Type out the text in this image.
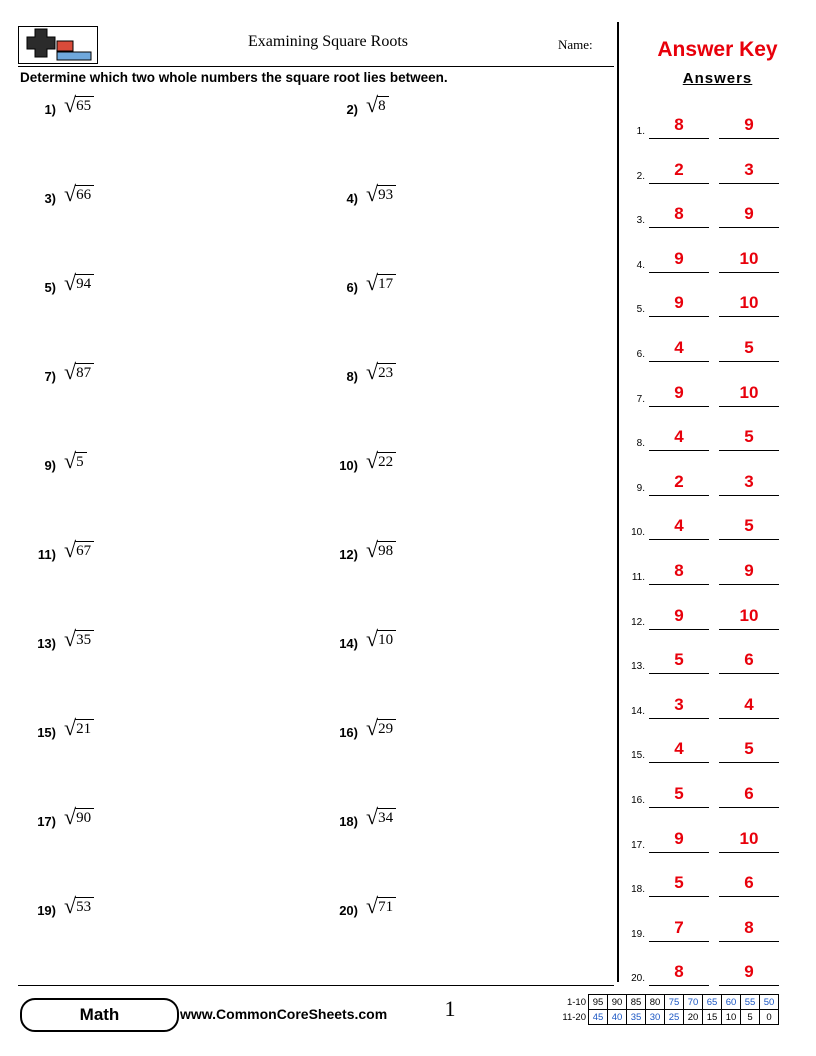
Examining Square Roots	Name:
Determine which two whole numbers the square root lies between.
1) √65	2) √8
3) √66	4) √93
5) √94	6) √17
7) √87	8) √23
9) √5	10) √22
11) √67	12) √98
13) √35	14) √10
15) √21	16) √29
17) √90	18) √34
19) √53	20) √71
Answer Key
Answers
1.	8	9
2.	2	3
3.	8	9
4.	9	10
5.	9	10
6.	4	5
7.	9	10
8.	4	5
9.	2	3
10.	4	5
11.	8	9
12.	9	10
13.	5	6
14.	3	4
15.	4	5
16.	5	6
17.	9	10
18.	5	6
19.	7	8
20.	8	9
Math	www.CommonCoreSheets.com	1	1-10	95	90	85	80	75	70	65	60	55	50
11-20	45	40	35	30	25	20	15	10	5	0
